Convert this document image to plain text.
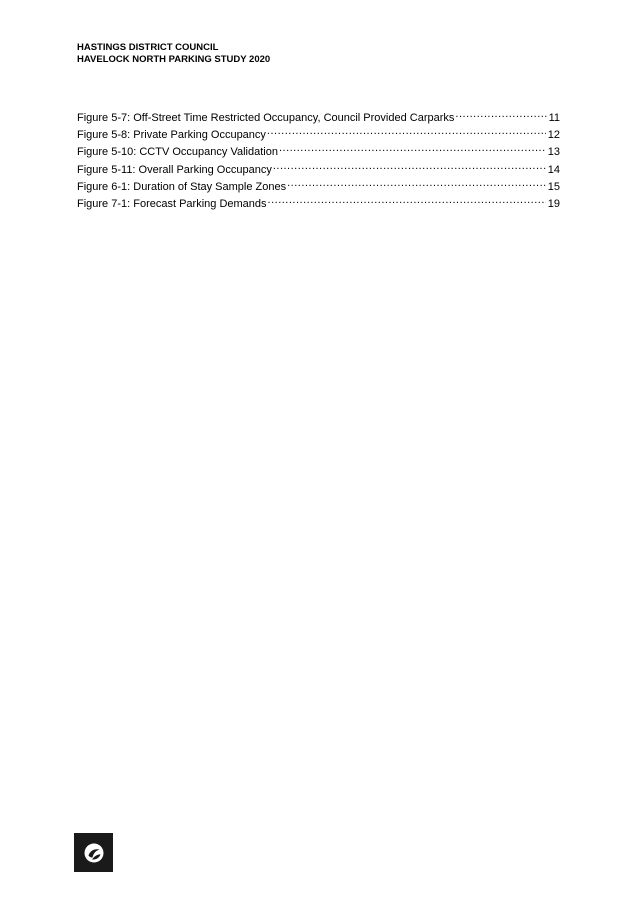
HASTINGS DISTRICT COUNCIL
HAVELOCK NORTH PARKING STUDY 2020
Figure 5-7: Off-Street Time Restricted Occupancy, Council Provided Carparks .....	11
Figure 5-8: Private Parking Occupancy .....	12
Figure 5-10: CCTV Occupancy Validation .....	13
Figure 5-11: Overall Parking Occupancy .....	14
Figure 6-1: Duration of Stay Sample Zones .....	15
Figure 7-1: Forecast Parking Demands .....	19
